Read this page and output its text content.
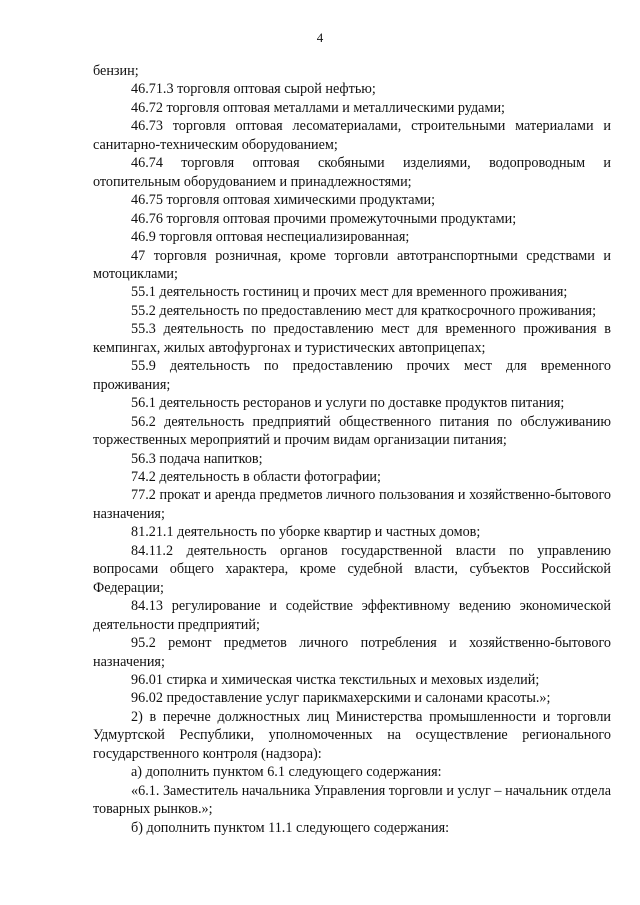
4

бензин;

46.71.3 торговля оптовая сырой нефтью;

46.72 торговля оптовая металлами и металлическими рудами;

46.73 торговля оптовая лесоматериалами, строительными материалами и санитарно-техническим оборудованием;

46.74 торговля оптовая скобяными изделиями, водопроводным и отопительным оборудованием и принадлежностями;

46.75 торговля оптовая химическими продуктами;

46.76 торговля оптовая прочими промежуточными продуктами;

46.9 торговля оптовая неспециализированная;

47 торговля розничная, кроме торговли автотранспортными средствами и мотоциклами;

55.1 деятельность гостиниц и прочих мест для временного проживания;

55.2 деятельность по предоставлению мест для краткосрочного проживания;

55.3 деятельность по предоставлению мест для временного проживания в кемпингах, жилых автофургонах и туристических автоприцепах;

55.9 деятельность по предоставлению прочих мест для временного проживания;

56.1 деятельность ресторанов и услуги по доставке продуктов питания;

56.2 деятельность предприятий общественного питания по обслуживанию торжественных мероприятий и прочим видам организации питания;

56.3 подача напитков;

74.2 деятельность в области фотографии;

77.2 прокат и аренда предметов личного пользования и хозяйственно-бытового назначения;

81.21.1 деятельность по уборке квартир и частных домов;

84.11.2 деятельность органов государственной власти по управлению вопросами общего характера, кроме судебной власти, субъектов Российской Федерации;

84.13 регулирование и содействие эффективному ведению экономической деятельности предприятий;

95.2 ремонт предметов личного потребления и хозяйственно-бытового назначения;

96.01 стирка и химическая чистка текстильных и меховых изделий;

96.02 предоставление услуг парикмахерскими и салонами красоты.»;

2) в перечне должностных лиц Министерства промышленности и торговли Удмуртской Республики, уполномоченных на осуществление регионального государственного контроля (надзора):

а) дополнить пунктом 6.1 следующего содержания:

«6.1. Заместитель начальника Управления торговли и услуг – начальник отдела товарных рынков.»;

б) дополнить пунктом 11.1 следующего содержания:
